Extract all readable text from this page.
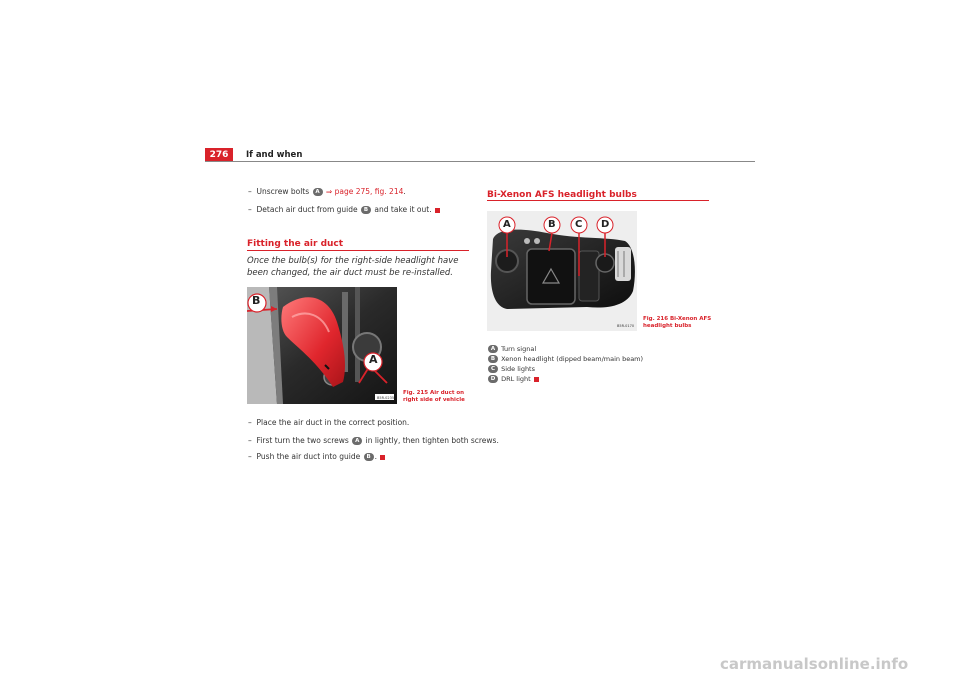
276	If and when
– Unscrew bolts A ⇒ page 275, fig. 214.
– Detach air duct from guide B and take it out.
Fitting the air duct
Once the bulb(s) for the right-side headlight have been changed, the air duct must be re-installed.
B
A
B5R-0235
Fig. 215 Air duct on right side of vehicle
– Place the air duct in the correct position.
– First turn the two screws A in lightly, then tighten both screws.
– Push the air duct into guide B .
Bi-Xenon AFS headlight bulbs
A	B C D
B5R-0170
Fig. 216 Bi-Xenon AFS headlight bulbs
A Turn signal
B Xenon headlight (dipped beam/main beam)
C Side lights
D DRL light
carmanualsonline.info
